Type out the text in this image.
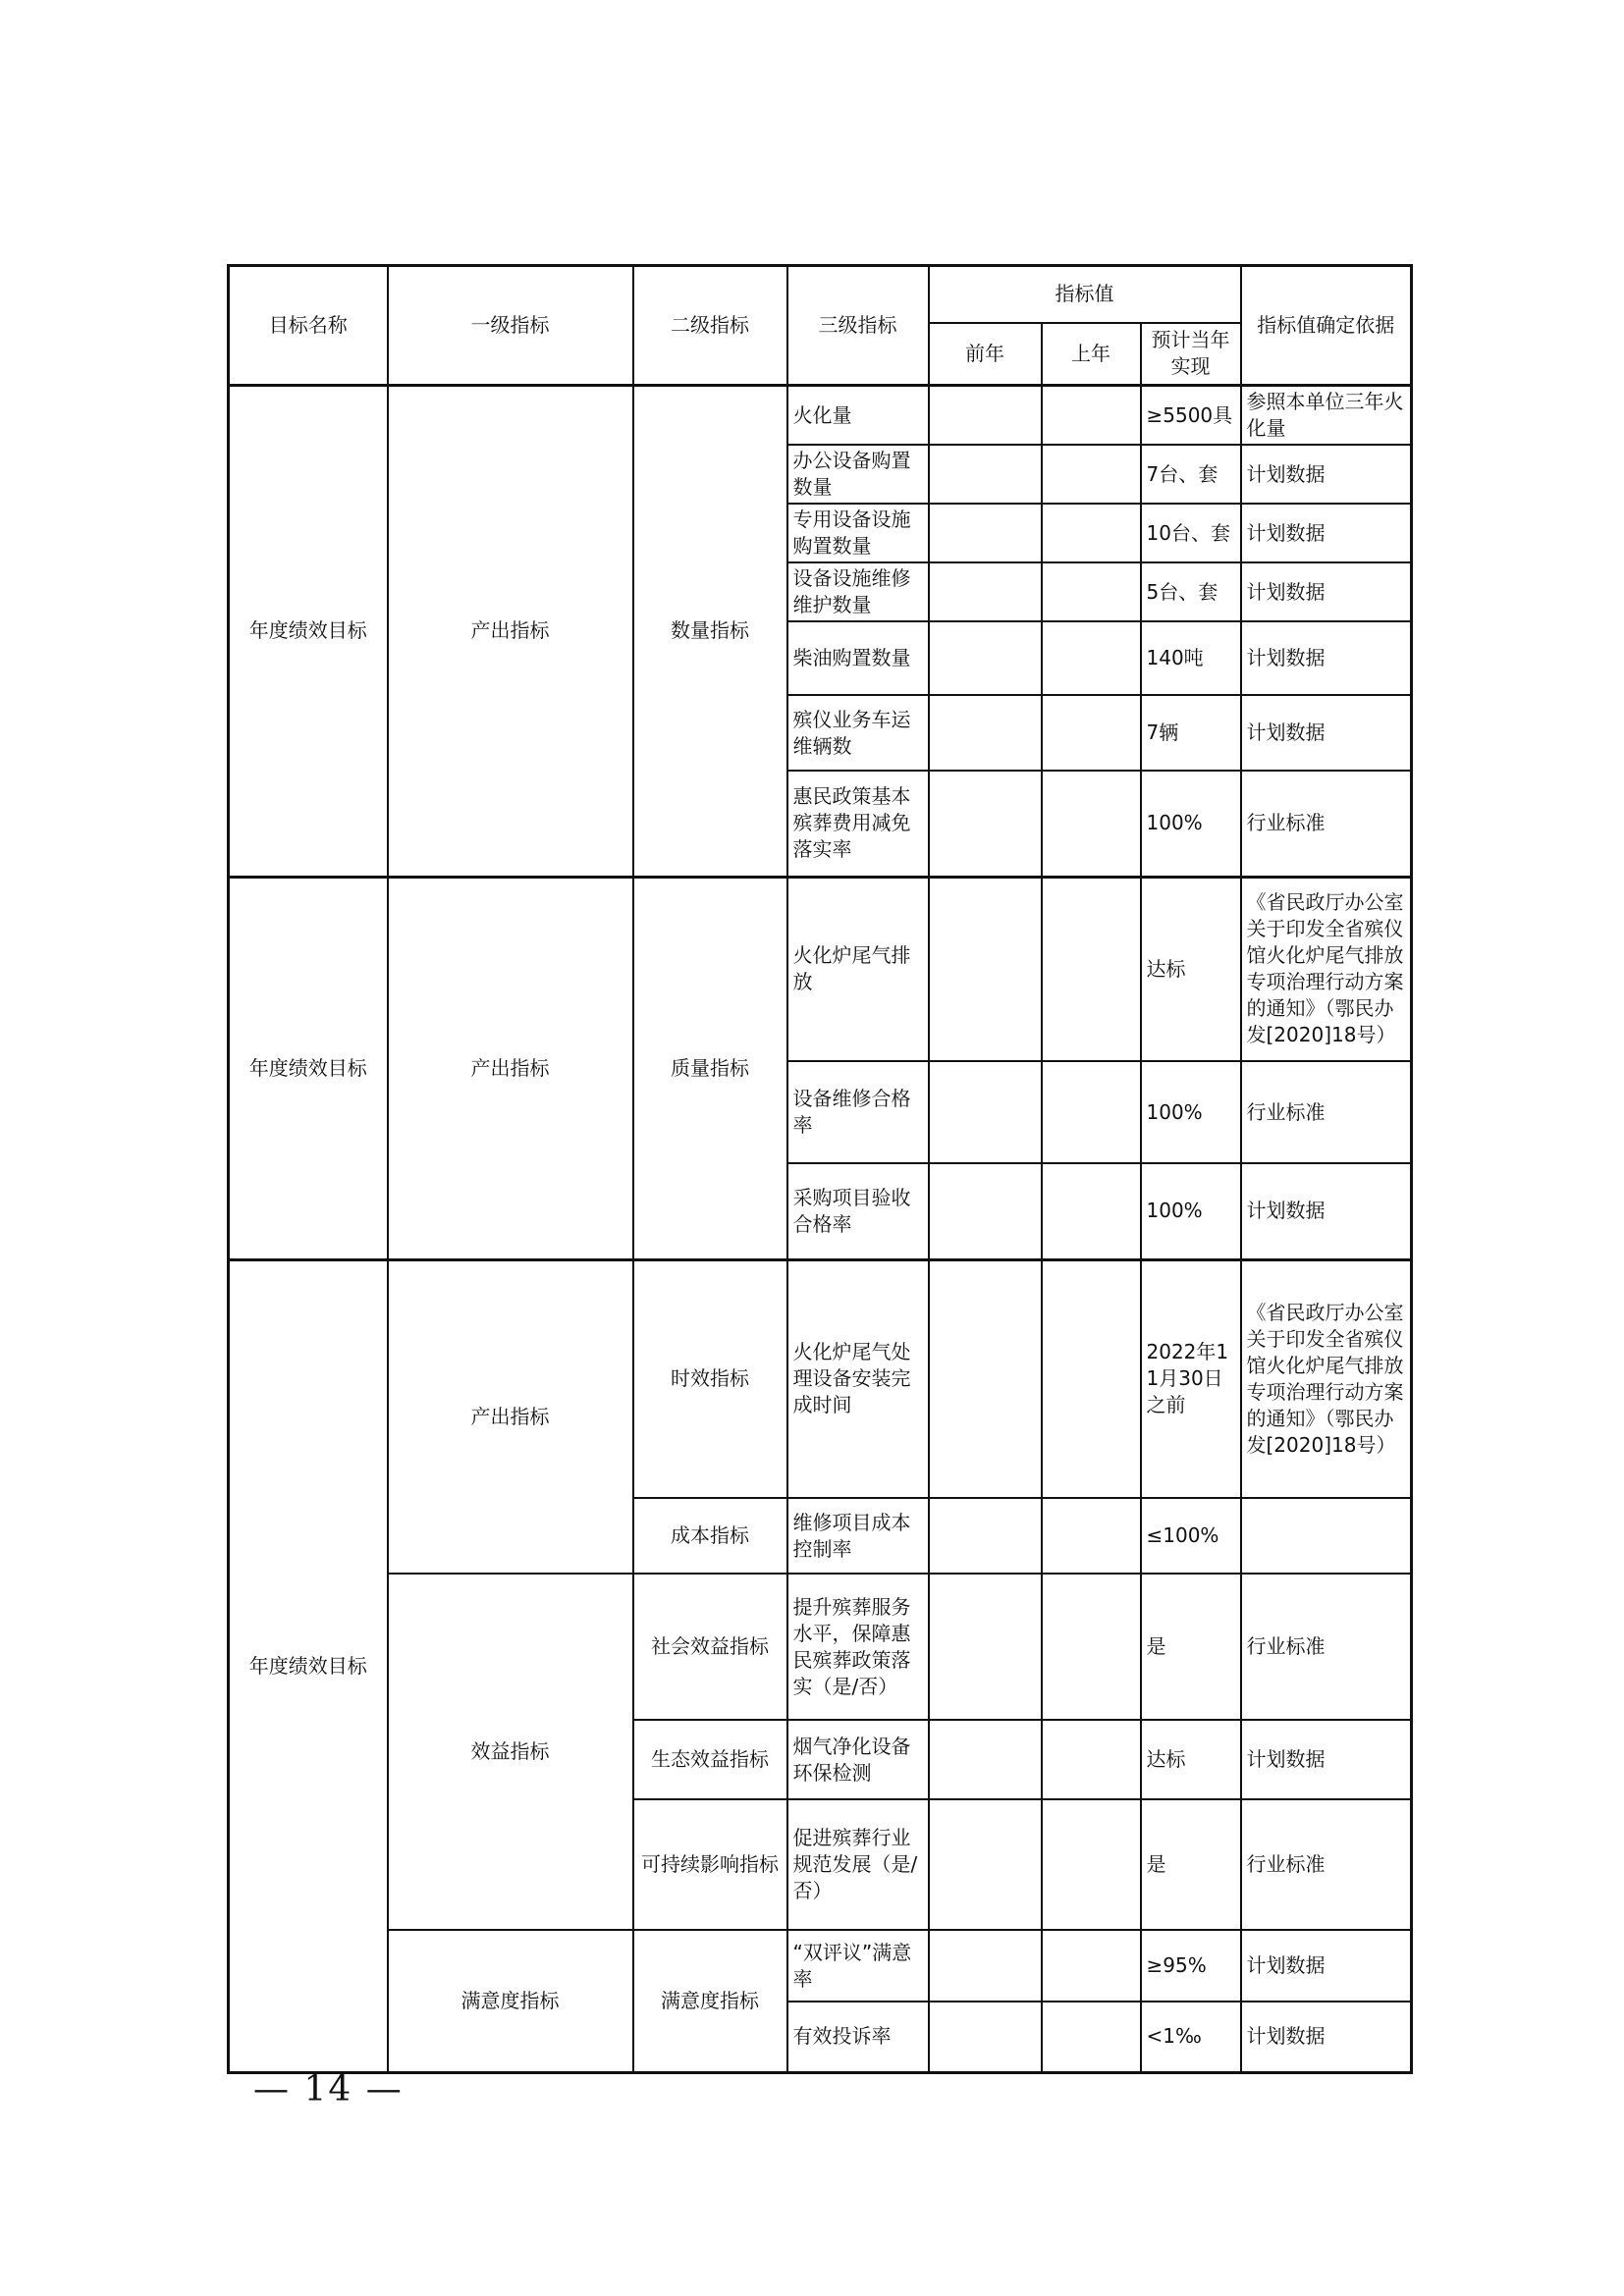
目标名称	一级指标	二级指标	三级指标	指标值			指标值确定依据
				前年	上年	预计当年实现	
年度绩效目标	产出指标	数量指标	火化量			≥5500具	参照本单位三年火化量
			办公设备购置数量			7台、套	计划数据
			专用设备设施购置数量			10台、套	计划数据
			设备设施维修维护数量			5台、套	计划数据
			柴油购置数量			140吨	计划数据
			殡仪业务车运维辆数			7辆	计划数据
			惠民政策基本殡葬费用减免落实率			100%	行业标准
年度绩效目标	产出指标	质量指标	火化炉尾气排放			达标	《省民政厅办公室关于印发全省殡仪馆火化炉尾气排放专项治理行动方案的通知》（鄂民办发[2020]18号）
			设备维修合格率			100%	行业标准
			采购项目验收合格率			100%	计划数据
年度绩效目标	产出指标	时效指标	火化炉尾气处理设备安装完成时间			2022年11月30日之前	《省民政厅办公室关于印发全省殡仪馆火化炉尾气排放专项治理行动方案的通知》（鄂民办发[2020]18号）
		成本指标	维修项目成本控制率			≤100%	
	效益指标	社会效益指标	提升殡葬服务水平，保障惠民殡葬政策落实（是/否）			是	行业标准
		生态效益指标	烟气净化设备环保检测			达标	计划数据
		可持续影响指标	促进殡葬行业规范发展（是/否）			是	行业标准
	满意度指标	满意度指标	“双评议”满意率			≥95%	计划数据
			有效投诉率			<1‰	计划数据
— 14 —
